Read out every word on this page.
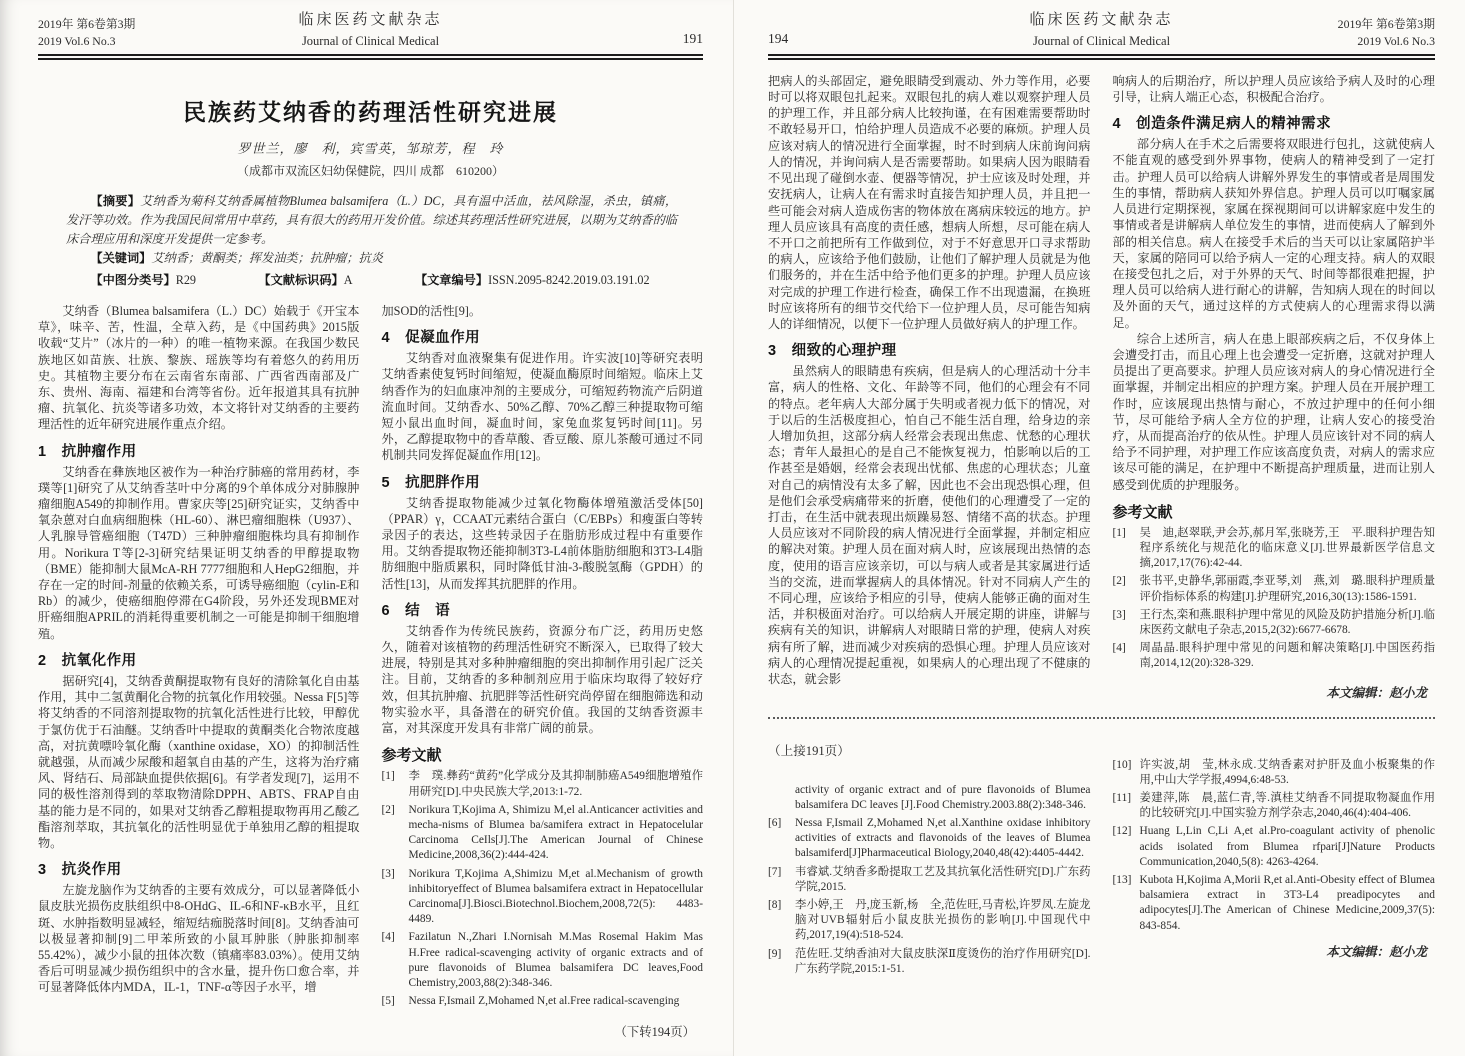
2019年 第6卷第3期
2019 Vol.6 No.3
临床医药文献杂志
Journal of Clinical Medical	191
民族药艾纳香的药理活性研究进展
罗世兰，廖　利，宾雪英，邹琼芳，程　玲
（成都市双流区妇幼保健院，四川 成都　610200）

【摘要】艾纳香为菊科艾纳香属植物Blumea balsamifera（L.）DC，具有温中活血，祛风除湿，杀虫，镇痛，发汗等功效。作为我国民间常用中草药，具有很大的药用开发价值。综述其药理活性研究进展，以期为艾纳香的临床合理应用和深度开发提供一定参考。

【关键词】艾纳香；黄酮类；挥发油类；抗肿瘤；抗炎

【中图分类号】R29	【文献标识码】A	【文章编号】ISSN.2095-8242.2019.03.191.02

艾纳香（Blumea balsamifera（L.）DC）始载于《开宝本草》，味辛、苦，性温，全草入药，是《中国药典》2015版收载“艾片”（冰片的一种）的唯一植物来源。在我国少数民族地区如苗族、壮族、黎族、瑶族等均有着悠久的药用历史。其植物主要分布在云南省东南部、广西省西南部及广东、贵州、海南、福建和台湾等省份。近年报道其具有抗肿瘤、抗氧化、抗炎等诸多功效，本文将针对艾纳香的主要药理活性的近年研究进展作重点介绍。

1　抗肿瘤作用

艾纳香在彝族地区被作为一种治疗肺癌的常用药材，李璞等[1]研究了从艾纳香茎叶中分离的9个单体成分对肺腺肿瘤细胞A549的抑制作用。曹家庆等[25]研究证实，艾纳香中氧杂蒽对白血病细胞株（HL-60）、淋巴瘤细胞株（U937）、人乳腺导管癌细胞（T47D）三种肿瘤细胞株均具有抑制作用。Norikura T等[2-3]研究结果证明艾纳香的甲醇提取物（BME）能抑制大鼠McA-RH 7777细胞和人HepG2细胞，并存在一定的时间-剂量的依赖关系，可诱导癌细胞（cylin-E和Rb）的减少，使癌细胞停滞在G4阶段，另外还发现BME对肝癌细胞APRIL的消耗得重要机制之一可能是抑制干细胞增殖。

2　抗氧化作用

据研究[4]，艾纳香黄酮提取物有良好的清除氧化自由基作用，其中二氢黄酮化合物的抗氧化作用较强。Nessa F[5]等将艾纳香的不同溶剂提取物的抗氧化活性进行比较，甲醇优于氯仿优于石油醚。艾纳香叶中提取的黄酮类化合物浓度越高，对抗黄嘌呤氧化酶（xanthine oxidase，XO）的抑制活性就越强，从而减少尿酸和超氧自由基的产生，这将为治疗痛风、肾结石、局部缺血提供依据[6]。有学者发现[7]，运用不同的极性溶剂得到的萃取物清除DPPH、ABTS、FRAP自由基的能力是不同的，如果对艾纳香乙醇粗提取物再用乙酸乙酯溶剂萃取，其抗氧化的活性明显优于单独用乙醇的粗提取物。

3　抗炎作用

左旋龙脑作为艾纳香的主要有效成分，可以显著降低小鼠皮肤光损伤皮肤组织中8-OHdG、IL-6和NF-κB水平，且红斑、水肿指数明显减轻，缩短结痂脱落时间[8]。艾纳香油可以极显著抑制[9]二甲苯所致的小鼠耳肿胀（肿胀抑制率55.42%），减少小鼠的扭体次数（镇痛率83.03%）。使用艾纳香后可明显减少损伤组织中的含水量，提升伤口愈合率，并可显著降低体内MDA，IL-1，TNF-α等因子水平，增

加SOD的活性[9]。

4　促凝血作用

艾纳香对血液聚集有促进作用。许实波[10]等研究表明艾纳香素使复钙时间缩短，使凝血酶原时间缩短。临床上艾纳香作为的妇血康冲剂的主要成分，可缩短药物流产后阴道流血时间。艾纳香水、50%乙醇、70%乙醇三种提取物可缩短小鼠出血时间，凝血时间，家兔血浆复钙时间[11]。另外，乙醇提取物中的香草酸、香豆酸、原儿茶酸可通过不同机制共同发挥促凝血作用[12]。

5　抗肥胖作用

艾纳香提取物能减少过氧化物酶体增殖激活受体[50]（PPAR）γ，CCAAT元素结合蛋白（C/EBPs）和瘦蛋白等转录因子的表达，这些转录因子在脂肪形成过程中有重要作用。艾纳香提取物还能抑制3T3-L4前体脂肪细胞和3T3-L4脂肪细胞中脂质累积，同时降低甘油-3-酸脱氢酶（GPDH）的活性[13]，从而发挥其抗肥胖的作用。

6　结　语

艾纳香作为传统民族药，资源分布广泛，药用历史悠久，随着对该植物的药理活性研究不断深入，已取得了较大进展，特别是其对多种肿瘤细胞的突出抑制作用引起广泛关注。目前，艾纳香的多种制剂应用于临床均取得了较好疗效，但其抗肿瘤、抗肥胖等活性研究尚停留在细胞筛选和动物实验水平，具备潜在的研究价值。我国的艾纳香资源丰富，对其深度开发具有非常广阔的前景。

参考文献
[1]	李　璞.彝药“黄药”化学成分及其抑制肺癌A549细胞增殖作用研究[D].中央民族大学,2013:1-72.
[2]	Norikura T,Kojima A, Shimizu M,el al.Anticancer activities and mecha-nisms of Blumea ba/samifera extract in Hepatocelular Carcinoma CeIls[J].The American Journal of Chinese Medicine,2008,36(2):444-424.
[3]	Norikura T,Kojima A,Shimizu M,et al.Mechanism of growth inhibitoryeffect of Blumea balsamifera extract in Hepatocellular Carcinoma[J].Biosci.Biotechnol.Biochem,2008,72(5): 4483-4489.
[4]	Fazilatun N.,Zhari I.Nornisah M.Mas Rosemal Hakim Mas H.Free radical-scavenging activity of organic extracts and of pure flavonoids of Blumea balsamifera DC leaves,Food Chemistry,2003,88(2):348-346.
[5]	Nessa F,Ismail Z,Mohamed N,et al.Free radical-scavenging
（下转194页）
194
临床医药文献杂志
Journal of Clinical Medical
2019年 第6卷第3期
2019 Vol.6 No.3

把病人的头部固定，避免眼睛受到震动、外力等作用，必要时可以将双眼包扎起来。双眼包扎的病人难以观察护理人员的护理工作，并且部分病人比较拘谨，在有困难需要帮助时不敢轻易开口，怕给护理人员造成不必要的麻烦。护理人员应该对病人的情况进行全面掌握，时不时到病人床前询问病人的情况，并询问病人是否需要帮助。如果病人因为眼睛看不见出现了碰倒水壶、便器等情况，护士应该及时处理，并安抚病人，让病人在有需求时直接告知护理人员，并且把一些可能会对病人造成伤害的物体放在离病床较远的地方。护理人员应该具有高度的责任感，想病人所想，尽可能在病人不开口之前把所有工作做到位，对于不好意思开口寻求帮助的病人，应该给予他们鼓励，让他们了解护理人员就是为他们服务的，并在生活中给予他们更多的护理。护理人员应该对完成的护理工作进行检查，确保工作不出现遗漏，在换班时应该将所有的细节交代给下一位护理人员，尽可能告知病人的详细情况，以便下一位护理人员做好病人的护理工作。

3　细致的心理护理

虽然病人的眼睛患有疾病，但是病人的心理活动十分丰富，病人的性格、文化、年龄等不同，他们的心理会有不同的特点。老年病人大部分属于失明或者视力低下的情况，对于以后的生活极度担心，怕自己不能生活自理，给身边的亲人增加负担，这部分病人经常会表现出焦虑、忧愁的心理状态；青年人最担心的是自己不能恢复视力，怕影响以后的工作甚至是婚姻，经常会表现出忧郁、焦虑的心理状态；儿童对自己的病情没有太多了解，因此也不会出现恐惧心理，但是他们会承受病痛带来的折磨，使他们的心理遭受了一定的打击，在生活中就表现出烦躁易怒、情绪不高的状态。护理人员应该对不同阶段的病人情况进行全面掌握，并制定相应的解决对策。护理人员在面对病人时，应该展现出热情的态度，使用的语言应该亲切，可以与病人或者是其家属进行适当的交流，进而掌握病人的具体情况。针对不同病人产生的不同心理，应该给予相应的引导，使病人能够正确的面对生活，并积极面对治疗。可以给病人开展定期的讲座，讲解与疾病有关的知识，讲解病人对眼睛日常的护理，使病人对疾病有所了解，进而减少对疾病的恐惧心理。护理人员应该对病人的心理情况提起重视，如果病人的心理出现了不健康的状态，就会影

响病人的后期治疗，所以护理人员应该给予病人及时的心理引导，让病人端正心态，积极配合治疗。

4　创造条件满足病人的精神需求

部分病人在手术之后需要将双眼进行包扎，这就使病人不能直观的感受到外界事物，使病人的精神受到了一定打击。护理人员可以给病人讲解外界发生的事情或者是周围发生的事情，帮助病人获知外界信息。护理人员可以叮嘱家属人员进行定期探视，家属在探视期间可以讲解家庭中发生的事情或者是讲解病人单位发生的事情，进而使病人了解到外部的相关信息。病人在接受手术后的当天可以让家属陪护半天，家属的陪同可以给予病人一定的心理支持。病人的双眼在接受包扎之后，对于外界的天气、时间等都很难把握，护理人员可以给病人进行耐心的讲解，告知病人现在的时间以及外面的天气，通过这样的方式使病人的心理需求得以满足。

综合上述所言，病人在患上眼部疾病之后，不仅身体上会遭受打击，而且心理上也会遭受一定折磨，这就对护理人员提出了更高要求。护理人员应该对病人的身心情况进行全面掌握，并制定出相应的护理方案。护理人员在开展护理工作时，应该展现出热情与耐心，不放过护理中的任何小细节，尽可能给予病人全方位的护理，让病人安心的接受治疗，从而提高治疗的依从性。护理人员应该针对不同的病人给予不同护理，对护理工作应该高度负责，对病人的需求应该尽可能的满足，在护理中不断提高护理质量，进而让别人感受到优质的护理服务。

参考文献
[1]	吴　迪,赵翠联,尹会苏,郝月军,张晓芳,王　平.眼科护理告知程序系统化与规范化的临床意义[J].世界最新医学信息文摘,2017,17(76):42-44.
[2]	张书平,史静华,郭丽霞,李亚琴,刘　燕,刘　璐.眼科护理质量评价指标体系的构建[J].护理研究,2016,30(13):1586-1591.
[3]	王行杰,栾和燕.眼科护理中常见的风险及防护措施分析[J].临床医药文献电子杂志,2015,2(32):6677-6678.
[4]	周晶晶.眼科护理中常见的问题和解决策略[J].中国医药指南,2014,12(20):328-329.
本文编辑：赵小龙
（上接191页）
activity of organic extract and of pure flavonoids of Blumea balsamifera DC leaves [J].Food Chemistry.2003.88(2):348-346.
[6]	Nessa F,Ismail Z,Mohamed N,et al.Xanthine oxidase inhibitory activities of extracts and flavonoids of the leaves of Blumea balsamiferd[J]Pharmaceutical Biology,2040,48(42):4405-4442.
[7]	韦睿斌.艾纳香多酚提取工艺及其抗氧化活性研究[D].广东药学院,2015.
[8]	李小婷,王　丹,庞玉新,杨　全,范佐旺,马青松,许罗凤.左旋龙脑对UVB辐射后小鼠皮肤光损伤的影响[J].中国现代中药,2017,19(4):518-524.
[9]	范佐旺.艾纳香油对大鼠皮肤深Ⅱ度烫伤的治疗作用研究[D].广东药学院,2015:1-51.
[10] 许实波,胡　莹,林永成.艾纳香素对护肝及血小板聚集的作用,中山大学学报,4994,6:48-53.
[11] 姜建萍,陈　晨,蓝仁青,等.滇桂艾纳香不同提取物凝血作用的比较研究[J].中国实验方剂学杂志,2040,46(4):404-406.
[12] Huang L,Lin C,Li A,et al.Pro-coagulant activity of phenolic acids isolated from Blumea rfpari[J]Nature Products Communication,2040,5(8): 4263-4264.
[13] Kubota H,Kojima A,Morii R,et al.Anti-Obesity effect of Blumea balsamiera extract in 3T3-L4 preadipocytes and adipocytes[J].The American of Chinese Medicine,2009,37(5): 843-854.
本文编辑：赵小龙
